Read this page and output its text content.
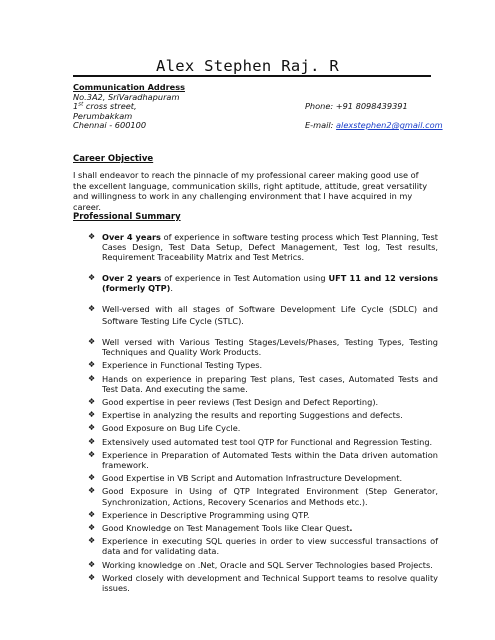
Alex Stephen Raj. R
Communication Address
No.3A2, SriVaradhapuram
1st cross street,	Phone: +91 8098439391
Perumbakkam
Chennai - 600100	E-mail: alexstephen2@gmail.com
Career Objective
I shall endeavor to reach the pinnacle of my professional career making good use of the excellent language, communication skills, right aptitude, attitude, great versatility and willingness to work in any challenging environment that I have acquired in my career.
Professional Summary
❖ Over 4 years of experience in software testing process which Test Planning, Test Cases Design, Test Data Setup, Defect Management, Test log, Test results, Requirement Traceability Matrix and Test Metrics.
❖ Over 2 years of experience in Test Automation using UFT 11 and 12 versions (formerly QTP).
❖ Well-versed with all stages of Software Development Life Cycle (SDLC) and Software Testing Life Cycle (STLC).
❖ Well versed with Various Testing Stages/Levels/Phases, Testing Types, Testing Techniques and Quality Work Products.
❖ Experience in Functional Testing Types.
❖ Hands on experience in preparing Test plans, Test cases, Automated Tests and Test Data. And executing the same.
❖ Good expertise in peer reviews (Test Design and Defect Reporting).
❖ Expertise in analyzing the results and reporting Suggestions and defects.
❖ Good Exposure on Bug Life Cycle.
❖ Extensively used automated test tool QTP for Functional and Regression Testing.
❖ Experience in Preparation of Automated Tests within the Data driven automation framework.
❖ Good Expertise in VB Script and Automation Infrastructure Development.
❖ Good Exposure in Using of QTP Integrated Environment (Step Generator, Synchronization, Actions, Recovery Scenarios and Methods etc.).
❖ Experience in Descriptive Programming using QTP.
❖ Good Knowledge on Test Management Tools like Clear Quest.
❖ Experience in executing SQL queries in order to view successful transactions of data and for validating data.
❖ Working knowledge on .Net, Oracle and SQL Server Technologies based Projects.
❖ Worked closely with development and Technical Support teams to resolve quality issues.
